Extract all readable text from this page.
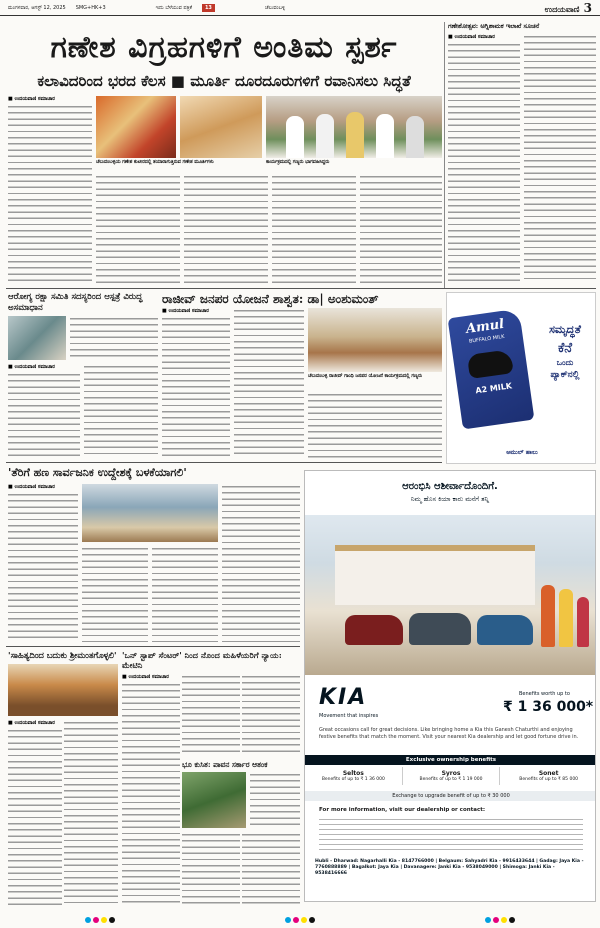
ಮಂಗಳವಾರ, ಆಗಸ್ಟ್ 12, 2025 SMG+HK+3	ಇದು ಬೆಳೆಯುವ ಪತ್ರಿಕೆ	13	ಚೆಲುವಂಬಳ್ಳಿ	ಉದಯವಾಣಿ 3
ಗಣೇಶ ವಿಗ್ರಹಗಳಿಗೆ ಅಂತಿಮ ಸ್ಪರ್ಶ
ಕಲಾವಿದರಿಂದ ಭರದ ಕೆಲಸ ■ ಮೂರ್ತಿ ದೂರದೂರುಗಳಿಗೆ ರವಾನಿಸಲು ಸಿದ್ಧತೆ
■ ಉದಯವಾಣಿ ಸಮಾಚಾರ
ಚೆಲುವಂಬಳ್ಳಿಯ ಗಣೇಶ ಕುಟೀರದಲ್ಲಿ ತಯಾರಾಗುತ್ತಿರುವ ಗಣೇಶ ಮೂರ್ತಿಗಳು	ಕಾರ್ಯಕ್ರಮದಲ್ಲಿ ಗಣ್ಯರು ಭಾಗವಹಿಸಿದ್ದರು
ಗಣೇಶೋತ್ಸವ: ಅಗ್ನಿಶಾಮಕ ಇಲಾಖೆ ಸೂಚನೆ
■ ಉದಯವಾಣಿ ಸಮಾಚಾರ
ಆರೋಗ್ಯ ರಕ್ಷಾ ಸಮಿತಿ ಸದಸ್ಯರಿಂದ ಆಸ್ಪತ್ರೆ ವಿರುದ್ಧ ಅಸಮಾಧಾನ
■ ಉದಯವಾಣಿ ಸಮಾಚಾರ
ರಾಜೀವ್ ಜನಪರ ಯೋಜನೆ ಶಾಶ್ವತ: ಡಾ| ಅಂಶುಮಂತ್
■ ಉದಯವಾಣಿ ಸಮಾಚಾರ
ಚೆಲುವಂಬಳ್ಳಿ ರಾಜೀವ್ ಗಾಂಧಿ ಜನಪರ ಯೋಜನೆ ಕಾರ್ಯಕ್ರಮದಲ್ಲಿ ಗಣ್ಯರು
Amul
BUFFALO MILK
A2 MILK
ಸಮೃದ್ಧತೆ
ಕೆನೆ
ಒಂದು
ಪ್ಯಾಕ್‌ನಲ್ಲಿ
ಅಮುಲ್ ಹಾಲು
'ತೆರಿಗೆ ಹಣ ಸಾರ್ವಜನಿಕ ಉದ್ದೇಶಕ್ಕೆ ಬಳಕೆಯಾಗಲಿ'
■ ಉದಯವಾಣಿ ಸಮಾಚಾರ
'ಸಾಹಿತ್ಯದಿಂದ ಬದುಕು ಶ್ರೀಮಂತಗೊಳ್ಳಲಿ'
■ ಉದಯವಾಣಿ ಸಮಾಚಾರ
'ಒನ್ ಸ್ಟಾಪ್ ಸೆಂಟರ್' ನಿಂದ ನೊಂದ ಮಹಿಳೆಯರಿಗೆ ನ್ಯಾಯ: ಮೇಟಿನಿ
■ ಉದಯವಾಣಿ ಸಮಾಚಾರ
ಭೂ ಕುಸಿತ: ಪಾವನ ಸರ್ಕಾರ ಆತಂಕ
ಆರಂಭಿಸಿ ಆಶೀರ್ವಾದೊಂದಿಗೆ.
ನಿಮ್ಮ ಹೊಸ ಕಿಯಾ ಕಾರು ಮನೆಗೆ ತನ್ನಿ
KIA
Movement that inspires
Benefits worth up to
₹ 1 36 000*
Great occasions call for great decisions. Like bringing home a Kia this Ganesh Chaturthi and enjoying festive benefits that match the moment. Visit your nearest Kia dealership and let good fortune drive in.
Exclusive ownership benefits
Seltos
Benefits of up to ₹ 1 36 000
Syros
Benefits of up to ₹ 1 19 000
Sonet
Benefits of up to ₹ 85 000
Exchange to upgrade benefit of up to ₹ 30 000
For more information, visit our dealership or contact:
Hubli - Dharwad: Nagarhalli Kia - 8147766000 | Belgaum: Sahyadri Kia - 9916433644 | Gadag: Jaya Kia - 7760888889 | Bagalkot: Jaya Kia | Davanagere: Janki Kia - 9538049000 | Shimoga: Janki Kia - 9538416666
